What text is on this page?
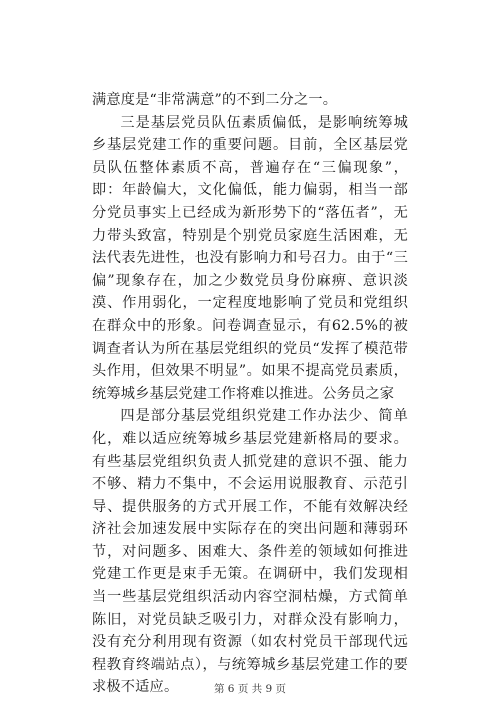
满意度是“非常满意”的不到二分之一。

三是基层党员队伍素质偏低，是影响统筹城乡基层党建工作的重要问题。目前，全区基层党员队伍整体素质不高，普遍存在“三偏现象”，即：年龄偏大，文化偏低，能力偏弱，相当一部分党员事实上已经成为新形势下的“落伍者”，无力带头致富，特别是个别党员家庭生活困难，无法代表先进性，也没有影响力和号召力。由于“三偏”现象存在，加之少数党员身份麻痹、意识淡漠、作用弱化，一定程度地影响了党员和党组织在群众中的形象。问卷调查显示，有62.5%的被调查者认为所在基层党组织的党员“发挥了模范带头作用，但效果不明显”。如果不提高党员素质，统筹城乡基层党建工作将难以推进。公务员之家

四是部分基层党组织党建工作办法少、简单化，难以适应统筹城乡基层党建新格局的要求。有些基层党组织负责人抓党建的意识不强、能力不够、精力不集中，不会运用说服教育、示范引导、提供服务的方式开展工作，不能有效解决经济社会加速发展中实际存在的突出问题和薄弱环节，对问题多、困难大、条件差的领域如何推进党建工作更是束手无策。在调研中，我们发现相当一些基层党组织活动内容空洞枯燥，方式简单陈旧，对党员缺乏吸引力，对群众没有影响力，没有充分利用现有资源（如农村党员干部现代远程教育终端站点），与统筹城乡基层党建工作的要求极不适应。	第 6 页 共 9 页
